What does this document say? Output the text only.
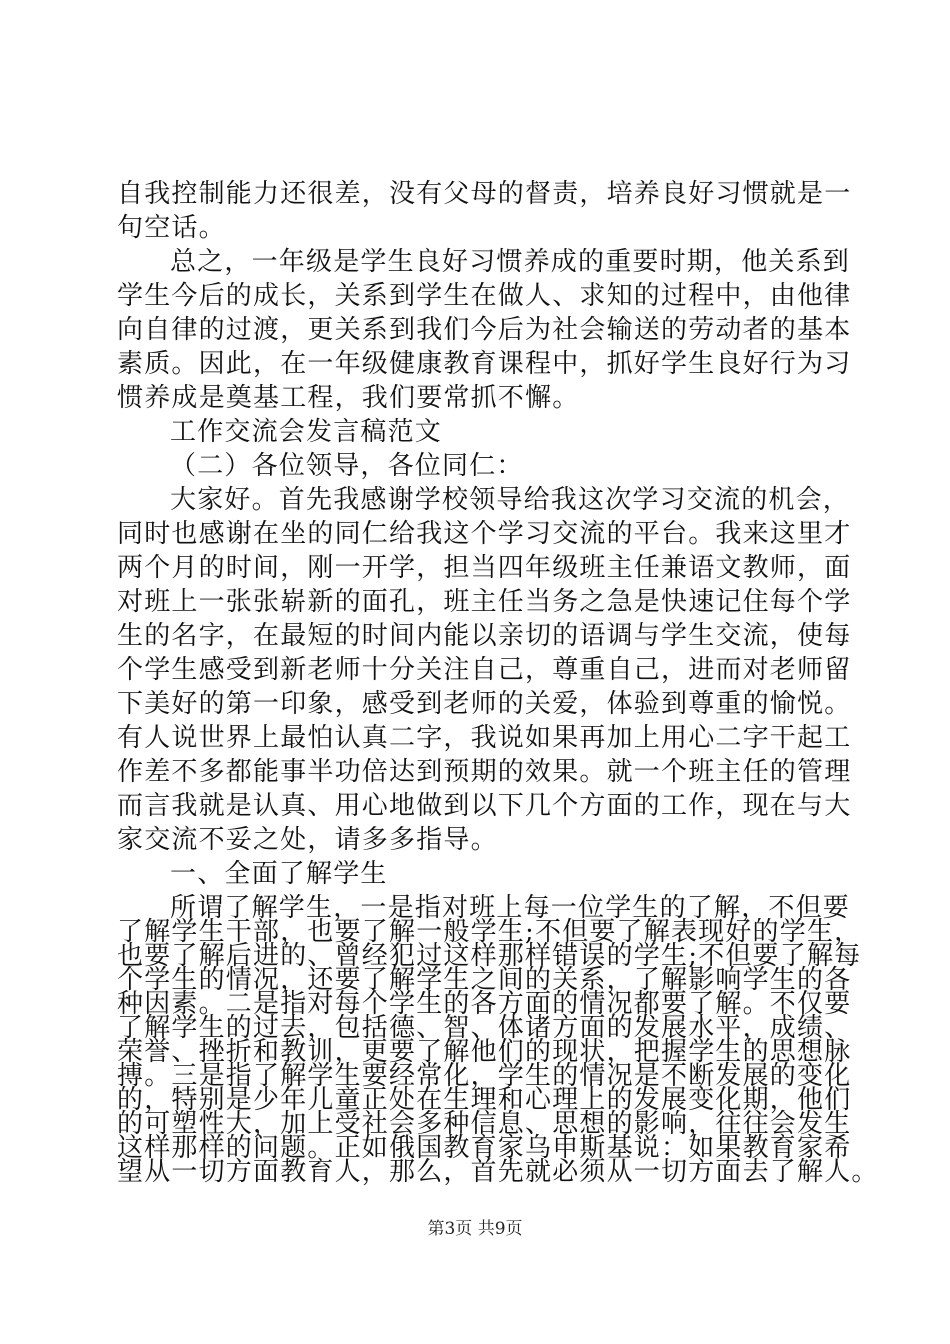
自我控制能力还很差，没有父母的督责，培养良好习惯就是一
句空话。
总之，一年级是学生良好习惯养成的重要时期，他关系到
学生今后的成长，关系到学生在做人、求知的过程中，由他律
向自律的过渡，更关系到我们今后为社会输送的劳动者的基本
素质。因此，在一年级健康教育课程中，抓好学生良好行为习
惯养成是奠基工程，我们要常抓不懈。
工作交流会发言稿范文
（二）各位领导，各位同仁：
大家好。首先我感谢学校领导给我这次学习交流的机会，
同时也感谢在坐的同仁给我这个学习交流的平台。我来这里才
两个月的时间，刚一开学，担当四年级班主任兼语文教师，面
对班上一张张崭新的面孔，班主任当务之急是快速记住每个学
生的名字，在最短的时间内能以亲切的语调与学生交流，使每
个学生感受到新老师十分关注自己，尊重自己，进而对老师留
下美好的第一印象，感受到老师的关爱，体验到尊重的愉悦。
有人说世界上最怕认真二字，我说如果再加上用心二字干起工
作差不多都能事半功倍达到预期的效果。就一个班主任的管理
而言我就是认真、用心地做到以下几个方面的工作，现在与大
家交流不妥之处，请多多指导。
一、全面了解学生
所谓了解学生，一是指对班上每一位学生的了解，不但要
了解学生干部，也要了解一般学生;不但要了解表现好的学生，
也要了解后进的、曾经犯过这样那样错误的学生;不但要了解每
个学生的情况，还要了解学生之间的关系，了解影响学生的各
种因素。二是指对每个学生的各方面的情况都要了解。不仅要
了解学生的过去，包括德、智、体诸方面的发展水平，成绩、
荣誉、挫折和教训，更要了解他们的现状，把握学生的思想脉
搏。三是指了解学生要经常化，学生的情况是不断发展的变化
的，特别是少年儿童正处在生理和心理上的发展变化期，他们
的可塑性大，加上受社会多种信息、思想的影响，往往会发生
这样那样的问题。正如俄国教育家乌申斯基说：如果教育家希
望从一切方面教育人，那么，首先就必须从一切方面去了解人。
第3页 共9页
